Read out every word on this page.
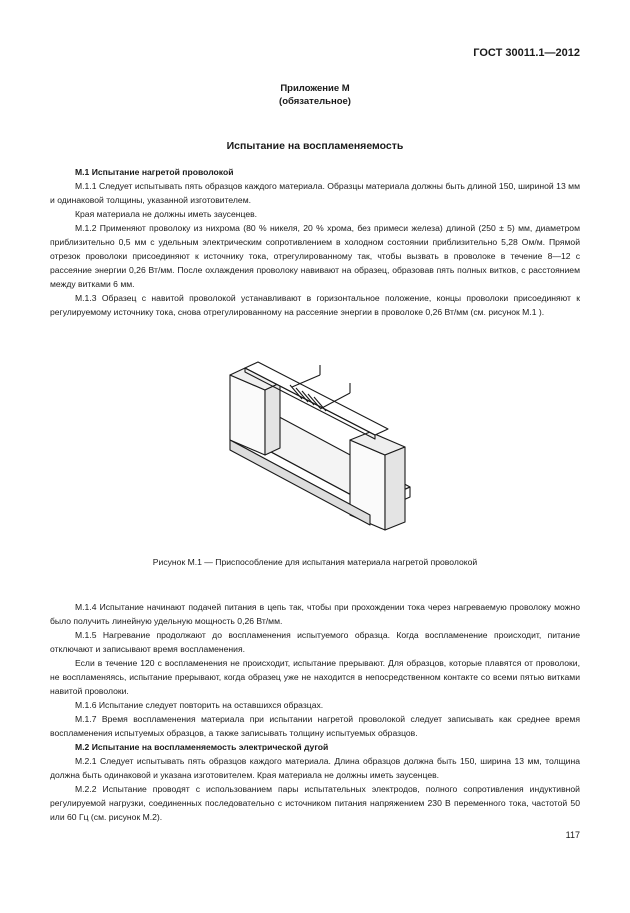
ГОСТ 30011.1—2012
Приложение М
(обязательное)
Испытание на воспламеняемость
М.1 Испытание нагретой проволокой

М.1.1 Следует испытывать пять образцов каждого материала. Образцы материала должны быть длиной 150, шириной 13 мм и одинаковой толщины, указанной изготовителем.

Края материала не должны иметь заусенцев.

М.1.2 Применяют проволоку из нихрома (80 % никеля, 20 % хрома, без примеси железа) длиной (250 ± 5) мм, диаметром приблизительно 0,5 мм с удельным электрическим сопротивлением в холодном состоянии приблизительно 5,28 Ом/м. Прямой отрезок проволоки присоединяют к источнику тока, отрегулированному так, чтобы вызвать в проволоке в течение 8—12 с рассеяние энергии 0,26 Вт/мм. После охлаждения проволоку навивают на образец, образовав пять полных витков, с расстоянием между витками 6 мм.

М.1.3 Образец с навитой проволокой устанавливают в горизонтальное положение, концы проволоки присоединяют к регулируемому источнику тока, снова отрегулированному на рассеяние энергии в проволоке 0,26 Вт/мм (см. рисунок М.1 ).

Рисунок М.1 — Приспособление для испытания материала нагретой проволокой

М.1.4 Испытание начинают подачей питания в цепь так, чтобы при прохождении тока через нагреваемую проволоку можно было получить линейную удельную мощность 0,26 Вт/мм.

М.1.5 Нагревание продолжают до воспламенения испытуемого образца. Когда воспламенение происходит, питание отключают и записывают время воспламенения.

Если в течение 120 с воспламенения не происходит, испытание прерывают. Для образцов, которые плавятся от проволоки, не воспламеняясь, испытание прерывают, когда образец уже не находится в непосредственном контакте со всеми пятью витками навитой проволоки.

М.1.6 Испытание следует повторить на оставшихся образцах.

М.1.7 Время воспламенения материала при испытании нагретой проволокой следует записывать как среднее время воспламенения испытуемых образцов, а также записывать толщину испытуемых образцов.

М.2 Испытание на воспламеняемость электрической дугой

М.2.1 Следует испытывать пять образцов каждого материала. Длина образцов должна быть 150, ширина 13 мм, толщина должна быть одинаковой и указана изготовителем. Края материала не должны иметь заусенцев.

М.2.2 Испытание проводят с использованием пары испытательных электродов, полного сопротивления индуктивной регулируемой нагрузки, соединенных последовательно с источником питания напряжением 230 В переменного тока, частотой 50 или 60 Гц (см. рисунок М.2).

117
